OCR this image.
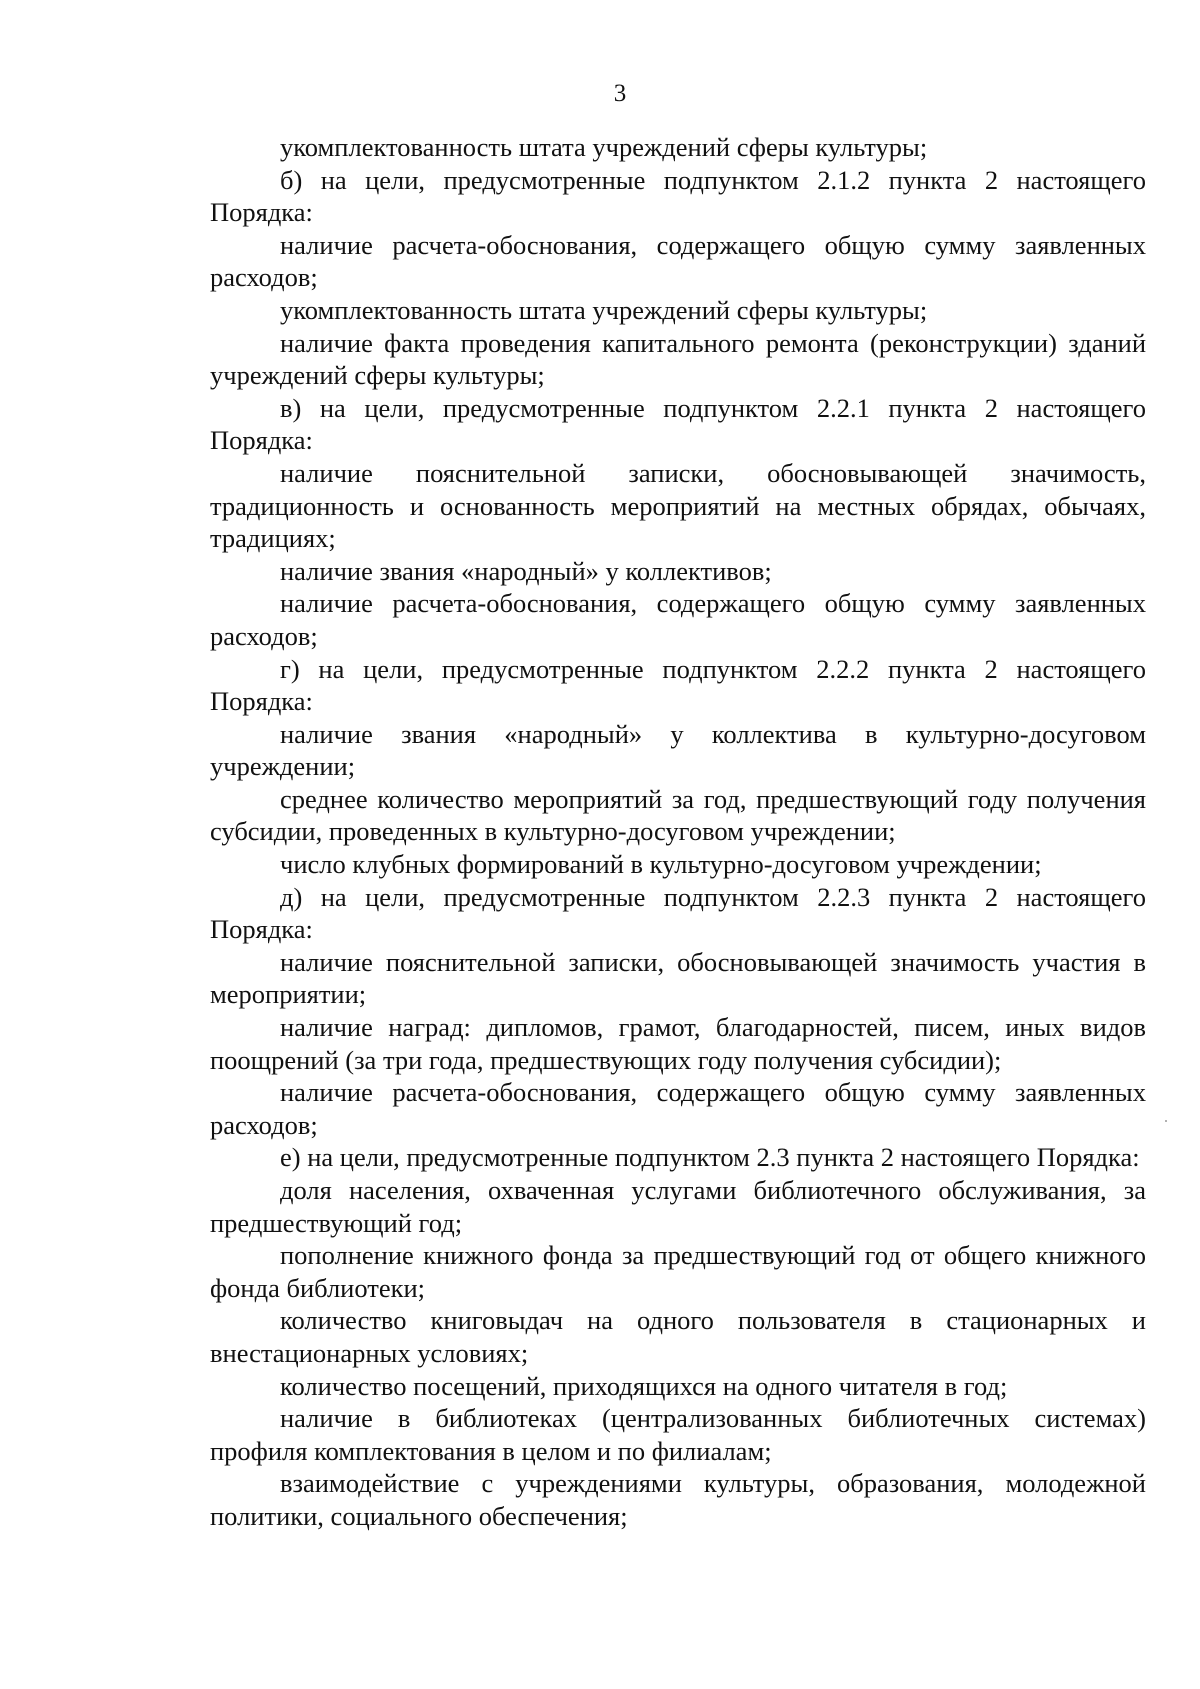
3

укомплектованность штата учреждений сферы культуры;

б) на цели, предусмотренные подпунктом 2.1.2 пункта 2 настоящего Порядка:

наличие расчета-обоснования, содержащего общую сумму заявленных расходов;

укомплектованность штата учреждений сферы культуры;

наличие факта проведения капитального ремонта (реконструкции) зданий учреждений сферы культуры;

в) на цели, предусмотренные подпунктом 2.2.1 пункта 2 настоящего Порядка:

наличие пояснительной записки, обосновывающей значимость, традиционность и основанность мероприятий на местных обрядах, обычаях, традициях;

наличие звания «народный» у коллективов;

наличие расчета-обоснования, содержащего общую сумму заявленных расходов;

г) на цели, предусмотренные подпунктом 2.2.2 пункта 2 настоящего Порядка:

наличие звания «народный» у коллектива в культурно-досуговом учреждении;

среднее количество мероприятий за год, предшествующий году получения субсидии, проведенных в культурно-досуговом учреждении;

число клубных формирований в культурно-досуговом учреждении;

д) на цели, предусмотренные подпунктом 2.2.3 пункта 2 настоящего Порядка:

наличие пояснительной записки, обосновывающей значимость участия в мероприятии;

наличие наград: дипломов, грамот, благодарностей, писем, иных видов поощрений (за три года, предшествующих году получения субсидии);

наличие расчета-обоснования, содержащего общую сумму заявленных расходов;

е) на цели, предусмотренные подпунктом 2.3 пункта 2 настоящего Порядка:

доля населения, охваченная услугами библиотечного обслуживания, за предшествующий год;

пополнение книжного фонда за предшествующий год от общего книжного фонда библиотеки;

количество книговыдач на одного пользователя в стационарных и внестационарных условиях;

количество посещений, приходящихся на одного читателя в год;

наличие в библиотеках (централизованных библиотечных системах) профиля комплектования в целом и по филиалам;

взаимодействие с учреждениями культуры, образования, молодежной политики, социального обеспечения;
